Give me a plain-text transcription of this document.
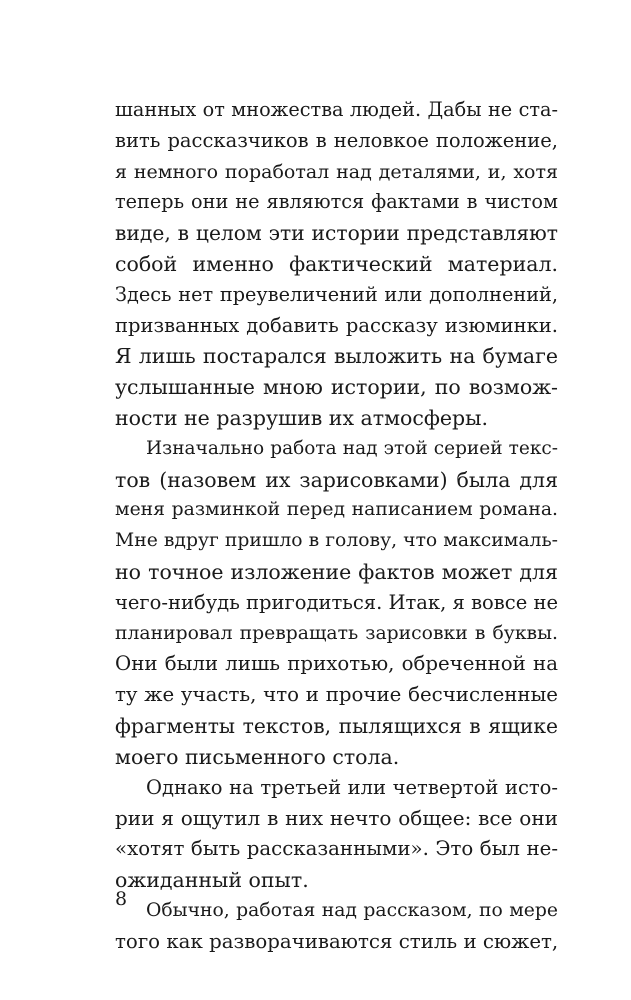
шанных от множества людей. Дабы не ста-
вить рассказчиков в неловкое положение,
я немного поработал над деталями, и, хотя
теперь они не являются фактами в чистом
виде, в целом эти истории представляют
собой именно фактический материал.
Здесь нет преувеличений или дополнений,
призванных добавить рассказу изюминки.
Я лишь постарался выложить на бумаге
услышанные мною истории, по возмож-
ности не разрушив их атмосферы.
Изначально работа над этой серией текс-
тов (назовем их зарисовками) была для
меня разминкой перед написанием романа.
Мне вдруг пришло в голову, что максималь-
но точное изложение фактов может для
чего-нибудь пригодиться. Итак, я вовсе не
планировал превращать зарисовки в буквы.
Они были лишь прихотью, обреченной на
ту же участь, что и прочие бесчисленные
фрагменты текстов, пылящихся в ящике
моего письменного стола.
Однако на третьей или четвертой исто-
рии я ощутил в них нечто общее: все они
«хотят быть рассказанными». Это был не-
ожиданный опыт.
Обычно, работая над рассказом, по мере
того как разворачиваются стиль и сюжет,
8
